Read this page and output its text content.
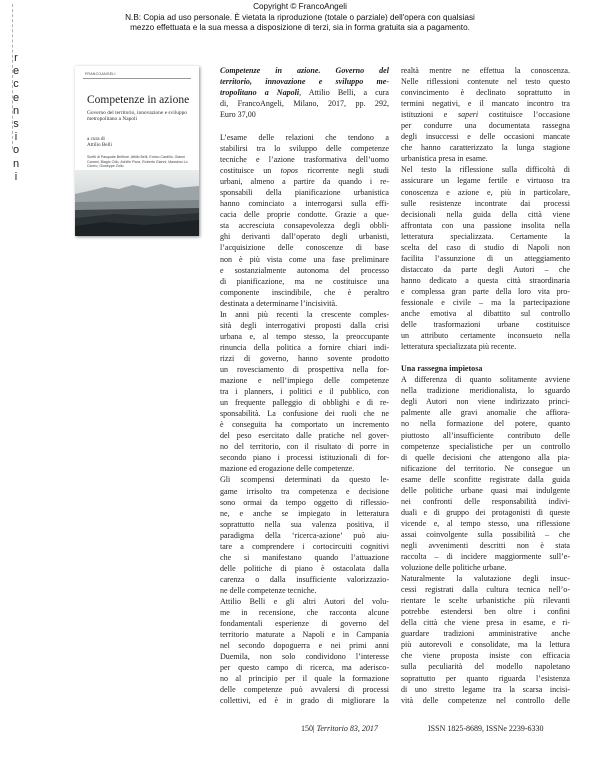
Copyright © FrancoAngeli
N.B: Copia ad uso personale. È vietata la riproduzione (totale o parziale) dell'opera con qualsiasi
mezzo effettuata e la sua messa a disposizione di terzi, sia in forma gratuita sia a pagamento.
r
e
c
e
n
s
i
o
n
i
FRANCOANGELI
Competenze in azione
Governo del territorio, innovazione e sviluppo metropolitano a Napoli
a cura di
Attilio Belli
Scritti di Pasquale Belfiore, Attilio Belli, Enrico Cardillo, Gianni Carami, Biagio Cillo, Achille Flora, Roberto Gianni, Massimo Lo Cicero, Giuseppe Zollo
Competenze in azione. Governo del
territorio, innovazione e sviluppo me-
tropolitano a Napoli, Attilio Belli, a cura
di, FrancoAngeli, Milano, 2017, pp. 292,
Euro 37,00
L’esame delle relazioni che tendono a
stabilirsi tra lo sviluppo delle competenze
tecniche e l’azione trasformativa dell’uomo
costituisce un topos ricorrente negli studi
urbani, almeno a partire da quando i re-
sponsabili della pianificazione urbanistica
hanno cominciato a interrogarsi sulla effi-
cacia delle proprie condotte. Grazie a que-
sta accresciuta consapevolezza degli obbli-
ghi derivanti dall’operato degli urbanisti,
l’acquisizione delle conoscenze di base
non è più vista come una fase preliminare
e sostanzialmente autonoma del processo
di pianificazione, ma ne costituisce una
componente inscindibile, che è peraltro
destinata a determinarne l’incisività.
In anni più recenti la crescente comples-
sità degli interrogativi proposti dalla crisi
urbana e, al tempo stesso, la preoccupante
rinuncia della politica a fornire chiari indi-
rizzi di governo, hanno sovente prodotto
un rovesciamento di prospettiva nella for-
mazione e nell’impiego delle competenze
tra i planners, i politici e il pubblico, con
un frequente palleggio di obblighi e di re-
sponsabilità. La confusione dei ruoli che ne
è conseguita ha comportato un incremento
del peso esercitato dalle pratiche nel gover-
no del territorio, con il risultato di porre in
secondo piano i processi istituzionali di for-
mazione ed erogazione delle competenze.
Gli scompensi determinati da questo le-
game irrisolto tra competenza e decisione
sono ormai da tempo oggetto di riflessio-
ne, e anche se impiegato in letteratura
soprattutto nella sua valenza positiva, il
paradigma della ‘ricerca-azione’ può aiu-
tare a comprendere i cortocircuiti cognitivi
che si manifestano quando l’attuazione
delle politiche di piano è ostacolata dalla
carenza o dalla insufficiente valorizzazio-
ne delle competenze tecniche.
Attilio Belli e gli altri Autori del volu-
me in recensione, che racconta alcune
fondamentali esperienze di governo del
territorio maturate a Napoli e in Campania
nel secondo dopoguerra e nei primi anni
Duemila, non solo condividono l’interesse
per questo campo di ricerca, ma aderisco-
no al principio per il quale la formazione
delle competenze può avvalersi di processi
collettivi, ed è in grado di migliorare la
realtà mentre ne effettua la conoscenza.
Nelle riflessioni contenute nel testo questo
convincimento è declinato soprattutto in
termini negativi, e il mancato incontro tra
istituzioni e saperi costituisce l’occasione
per condurre una documentata rassegna
degli insuccessi e delle occasioni mancate
che hanno caratterizzato la lunga stagione
urbanistica presa in esame.
Nel testo la riflessione sulla difficoltà di
assicurare un legame fertile e virtuoso tra
conoscenza e azione e, più in particolare,
sulle resistenze incontrate dai processi
decisionali nella guida della città viene
affrontata con una passione insolita nella
letteratura specializzata. Certamente la
scelta del caso di studio di Napoli non
facilita l’assunzione di un atteggiamento
distaccato da parte degli Autori – che
hanno dedicato a questa città straordinaria
e complessa gran parte della loro vita pro-
fessionale e civile – ma la partecipazione
anche emotiva al dibattito sul controllo
delle trasformazioni urbane costituisce
un attributo certamente inconsueto nella
letteratura specializzata più recente.
Una rassegna impietosa
A differenza di quanto solitamente avviene
nella tradizione meridionalista, lo sguardo
degli Autori non viene indirizzato princi-
palmente alle gravi anomalie che affiora-
no nella formazione del potere, quanto
piuttosto all’insufficiente contributo delle
competenze specialistiche per un controllo
di quelle decisioni che attengono alla pia-
nificazione del territorio. Ne consegue un
esame delle sconfitte registrate dalla guida
delle politiche urbane quasi mai indulgente
nei confronti delle responsabilità indivi-
duali e di gruppo dei protagonisti di queste
vicende e, al tempo stesso, una riflessione
assai coinvolgente sulla possibilità – che
negli avvenimenti descritti non è stata
raccolta – di incidere maggiormente sull’e-
voluzione delle politiche urbane.
Naturalmente la valutazione degli insuc-
cessi registrati dalla cultura tecnica nell’o-
rientare le scelte urbanistiche più rilevanti
potrebbe estendersi ben oltre i confini
della città che viene presa in esame, e ri-
guardare tradizioni amministrative anche
più autorevoli e consolidate, ma la lettura
che viene proposta insiste con efficacia
sulla peculiarità del modello napoletano
soprattutto per quanto riguarda l’esistenza
di uno stretto legame tra la scarsa incisi-
vità delle competenze nel controllo delle
150| Territorio 83, 2017	ISSN 1825-8689, ISSNe 2239-6330
